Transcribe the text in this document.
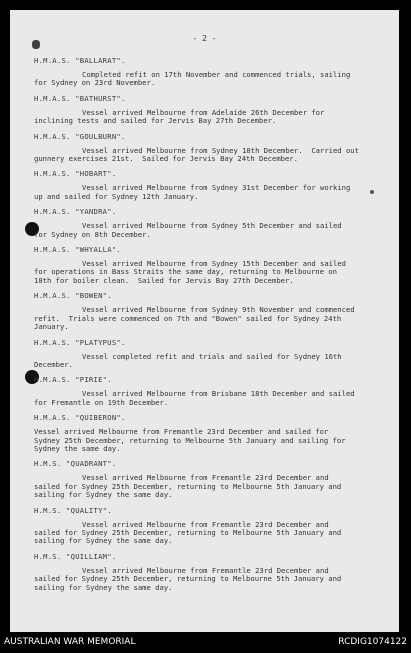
- 2 -
H.M.A.S. "BALLARAT".
Completed refit on 17th November and commenced trials, sailing
for Sydney on 23rd November.
H.M.A.S. "BATHURST".
Vessel arrived Melbourne from Adelaide 26th December for
inclining tests and sailed for Jervis Bay 27th December.
H.M.A.S. "GOULBURN".
Vessel arrived Melbourne from Sydney 18th December.  Carried out
gunnery exercises 21st.  Sailed for Jervis Bay 24th December.
H.M.A.S. "HOBART".
Vessel arrived Melbourne from Sydney 31st December for working
up and sailed for Sydney 12th January.
H.M.A.S. "YANDRA".
Vessel arrived Melbourne from Sydney 5th December and sailed
for Sydney on 8th December.
H.M.A.S. "WHYALLA".
Vessel arrived Melbourne from Sydney 15th December and sailed
for operations in Bass Straits the same day, returning to Melbourne on
18th for boiler clean.  Sailed for Jervis Bay 27th December.
H.M.A.S. "BOWEN".
Vessel arrived Melbourne from Sydney 9th November and commenced
refit.  Trials were commenced on 7th and "Bowen" sailed for Sydney 24th
January.
H.M.A.S. "PLATYPUS".
Vessel completed refit and trials and sailed for Sydney 16th
December.
H.M.A.S. "PIRIE".
Vessel arrived Melbourne from Brisbane 18th December and sailed
for Fremantle on 19th December.
H.M.A.S. "QUIBERON".
Vessel arrived Melbourne from Fremantle 23rd December and sailed for
Sydney 25th December, returning to Melbourne 5th January and sailing for
Sydney the same day.
H.M.S. "QUADRANT".
Vessel arrived Melbourne from Fremantle 23rd December and
sailed for Sydney 25th December, returning to Melbourne 5th January and
sailing for Sydney the same day.
H.M.S. "QUALITY".
Vessel arrived Melbourne from Fremantle 23rd December and
sailed for Sydney 25th December, returning to Melbourne 5th January and
sailing for Sydney the same day.
H.M.S. "QUILLIAM".
Vessel arrived Melbourne from Fremantle 23rd December and
sailed for Sydney 25th December, returning to Melbourne 5th January and
sailing for Sydney the same day.
AUSTRALIAN WAR MEMORIAL	RCDIG1074122
